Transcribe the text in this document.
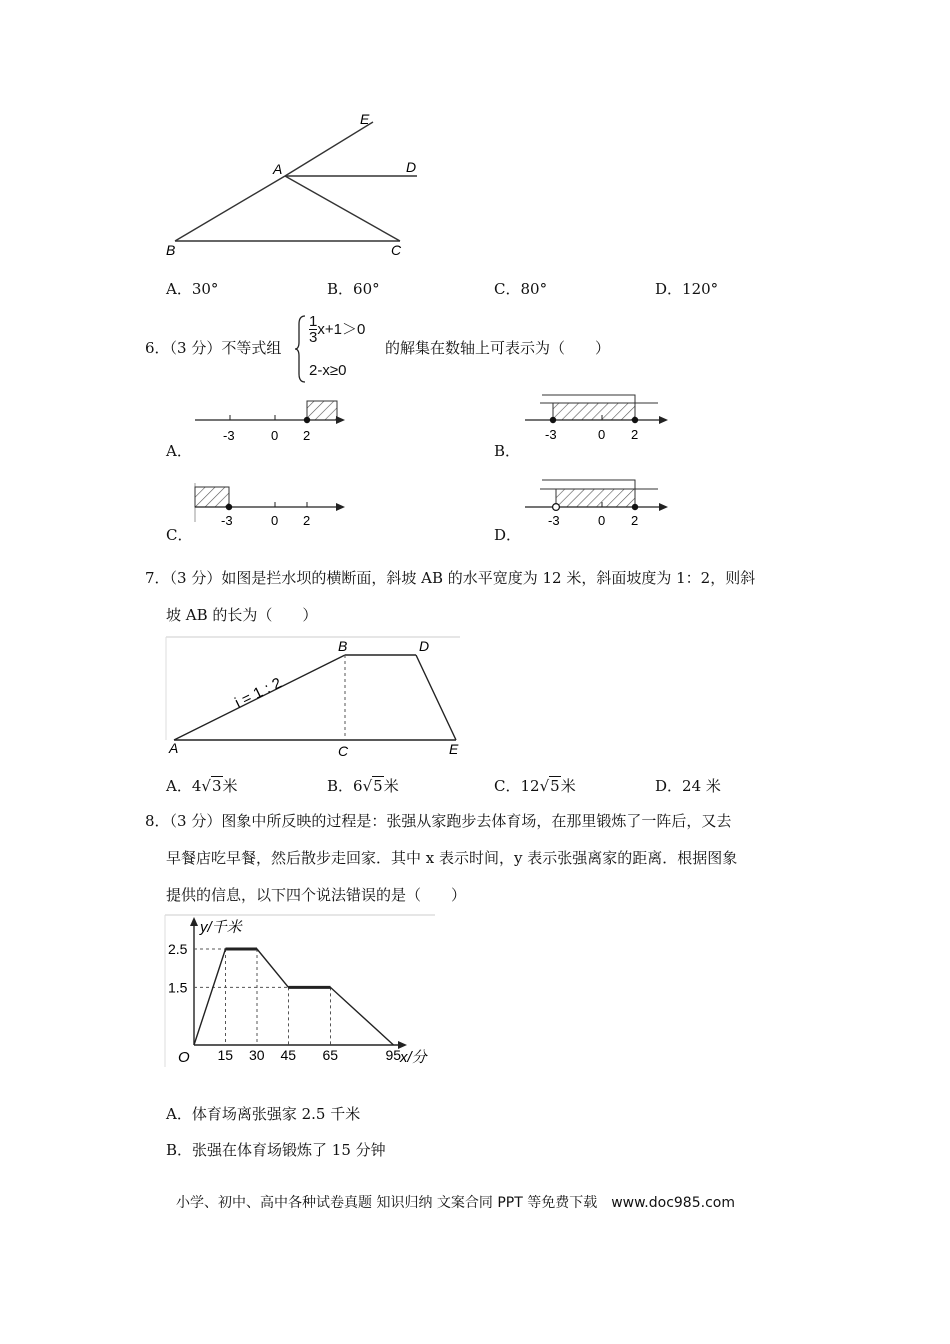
E
D
A
B	C
A．30°	B．60°	C．80°	D．120°
6．（3 分）不等式组
$\frac{1}{3} x+1>0$
2-x≥0
的解集在数轴上可表示为（　　）
A．
-3	0 2
B．
-3	0 2
C．
-3	0 2
D．
-3	0 2
7．（3 分）如图是拦水坝的横断面，斜坡 AB 的水平宽度为 12 米，斜面坡度为 1：2，则斜
坡 AB 的长为（　　）
i = 1 : 2
A
B
C
D
E
A．4√3米	B．6√5米	C．12√5米	D．24 米
8．（3 分）图象中所反映的过程是：张强从家跑步去体育场，在那里锻炼了一阵后，又去
早餐店吃早餐，然后散步走回家．其中 x 表示时间，y 表示张强离家的距离．根据图象
提供的信息，以下四个说法错误的是（　　）
y/千米
x/分
O 15 30 45 65	95
2.5
1.5
A．体育场离张强家 2.5 千米
B．张强在体育场锻炼了 15 分钟
小学、初中、高中各种试卷真题 知识归纳 文案合同 PPT 等免费下载　www.doc985.com
